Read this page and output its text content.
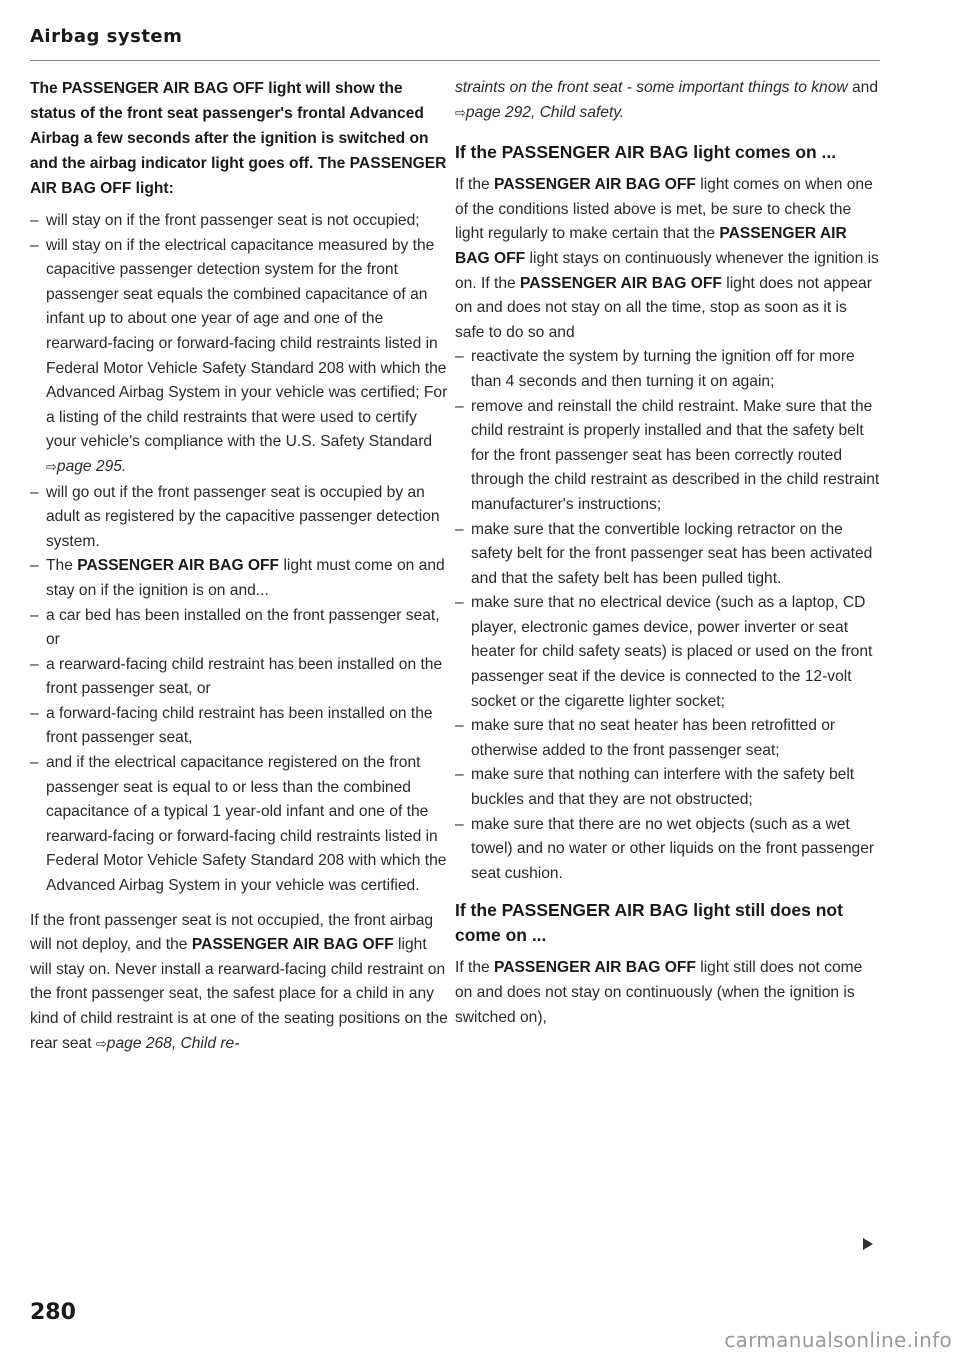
Airbag system

The PASSENGER AIR BAG OFF light will show the status of the front seat passenger's frontal Advanced Airbag a few seconds after the ignition is switched on and the airbag indicator light goes off. The PASSENGER AIR BAG OFF light:

– will stay on if the front passenger seat is not occupied;
– will stay on if the electrical capacitance measured by the capacitive passenger detection system for the front passenger seat equals the combined capacitance of an infant up to about one year of age and one of the rearward-facing or forward-facing child restraints listed in Federal Motor Vehicle Safety Standard 208 with which the Advanced Airbag System in your vehicle was certified; For a listing of the child restraints that were used to certify your vehicle's compliance with the U.S. Safety Standard
⇨page 295.
– will go out if the front passenger seat is occupied by an adult as registered by the capacitive passenger detection system.
– The PASSENGER AIR BAG OFF light must come on and stay on if the ignition is on and...
– a car bed has been installed on the front passenger seat, or
– a rearward-facing child restraint has been installed on the front passenger seat, or
– a forward-facing child restraint has been installed on the front passenger seat,
– and if the electrical capacitance registered on the front passenger seat is equal to or less than the combined capacitance of a typical 1 year-old infant and one of the rearward-facing or forward-facing child restraints listed in Federal Motor Vehicle Safety Standard 208 with which the Advanced Airbag System in your vehicle was certified.

If the front passenger seat is not occupied, the front airbag will not deploy, and the PASSENGER AIR BAG OFF light will stay on. Never install a rearward-facing child restraint on the front passenger seat, the safest place for a child in any kind of child restraint is at one of the seating positions on the rear seat ⇨page 268, Child re-

straints on the front seat - some important things to know and ⇨page 292, Child safety.

If the PASSENGER AIR BAG light comes on ...

If the PASSENGER AIR BAG OFF light comes on when one of the conditions listed above is met, be sure to check the light regularly to make certain that the PASSENGER AIR BAG OFF light stays on continuously whenever the ignition is on. If the PASSENGER AIR BAG OFF light does not appear on and does not stay on all the time, stop as soon as it is safe to do so and

– reactivate the system by turning the ignition off for more than 4 seconds and then turning it on again;
– remove and reinstall the child restraint. Make sure that the child restraint is properly installed and that the safety belt for the front passenger seat has been correctly routed through the child restraint as described in the child restraint manufacturer's instructions;
– make sure that the convertible locking retractor on the safety belt for the front passenger seat has been activated and that the safety belt has been pulled tight.
– make sure that no electrical device (such as a laptop, CD player, electronic games device, power inverter or seat heater for child safety seats) is placed or used on the front passenger seat if the device is connected to the 12-volt socket or the cigarette lighter socket;
– make sure that no seat heater has been retrofitted or otherwise added to the front passenger seat;
– make sure that nothing can interfere with the safety belt buckles and that they are not obstructed;
– make sure that there are no wet objects (such as a wet towel) and no water or other liquids on the front passenger seat cushion.
If the PASSENGER AIR BAG light still does not come on ...

If the PASSENGER AIR BAG OFF light still does not come on and does not stay on continuously (when the ignition is switched on),

280
carmanualsonline.info
